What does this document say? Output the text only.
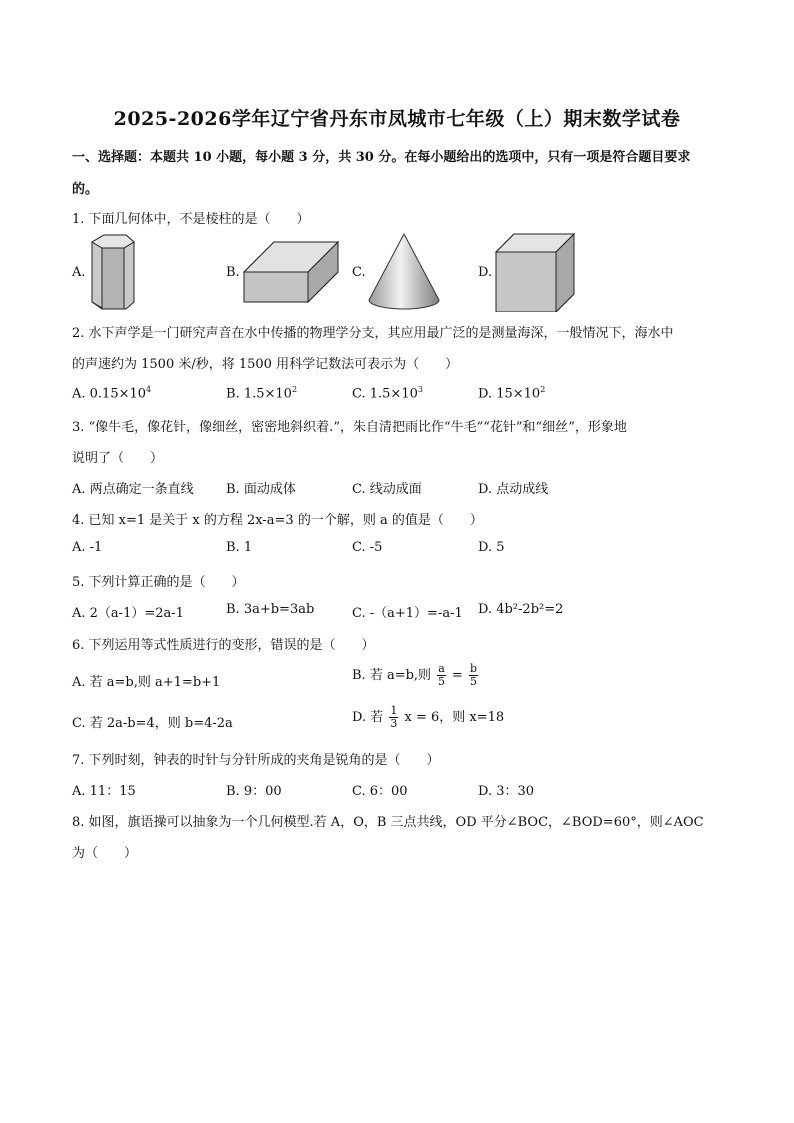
2025-2026学年辽宁省丹东市凤城市七年级（上）期末数学试卷
一、选择题：本题共 10 小题，每小题 3 分，共 30 分。在每小题给出的选项中，只有一项是符合题目要求
的。
1. 下面几何体中，不是棱柱的是（　　）
A.	B.	C.	D.
2. 水下声学是一门研究声音在水中传播的物理学分支，其应用最广泛的是测量海深，一般情况下，海水中
的声速约为 1500 米/秒，将 1500 用科学记数法可表示为（　　）
A. $0.15\times 10^4$	B. $1.5\times 10^2$	C. $1.5\times 10^3$	D. $15\times 10^2$
3. “像牛毛，像花针，像细丝，密密地斜织着.”，朱自清把雨比作“牛毛”“花针”和“细丝”，形象地
说明了（　　）
A. 两点确定一条直线 B. 面动成体	C. 线动成面	D. 点动成线
4. 已知 x=1 是关于 x 的方程 2x-a=3 的一个解，则 a 的值是（　　）
A. -1	B. 1	C. -5	D. 5
5. 下列计算正确的是（　　）
A. 2（a-1）=2a-1	B. 3a+b=3ab	C. -（a+1）=-a-1 D. 4b²-2b²=2
6. 下列运用等式性质进行的变形，错误的是（　　）
A. 若 a=b,则 a+1=b+1	B. 若 a=b,则 $\frac{a}{5} = \frac{b}{5}$
C. 若 2a-b=4，则 b=4-2a	D. 若 $\frac{1}{3}$ x = 6，则 x=18
7. 下列时刻，钟表的时针与分针所成的夹角是锐角的是（　　）
A. 11：15	B. 9：00	C. 6：00	D. 3：30
8. 如图，旗语操可以抽象为一个几何模型.若 A，O，B 三点共线，OD 平分∠BOC，∠BOD=60°，则∠AOC
为（　　）
